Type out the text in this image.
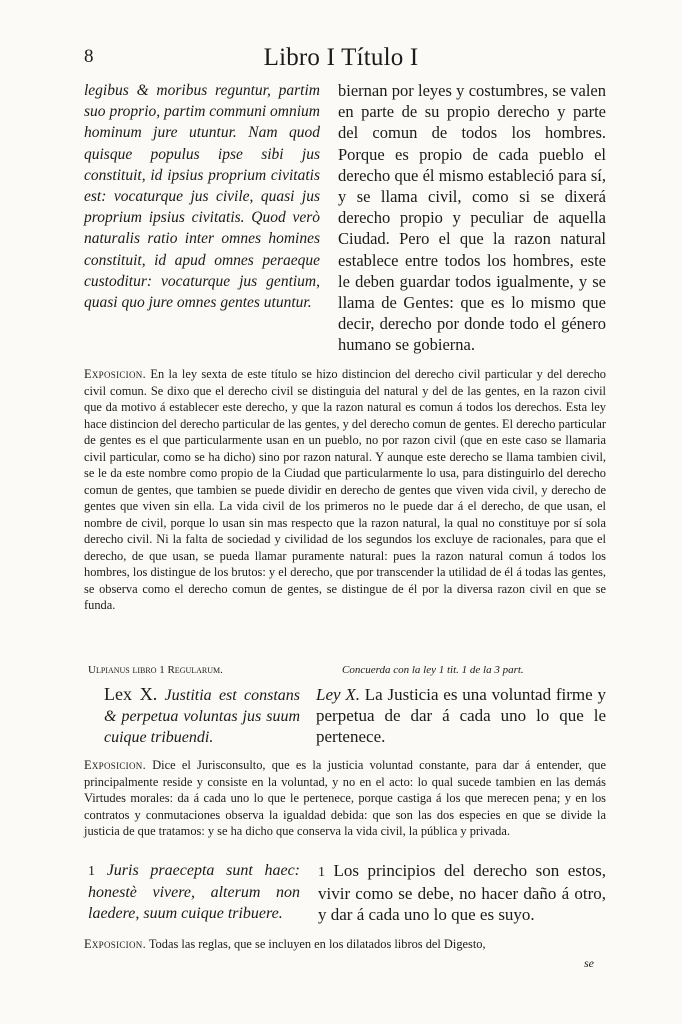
8	Libro I Título I

legibus & moribus reguntur, partim suo proprio, partim communi omnium hominum jure utuntur. Nam quod quisque populus ipse sibi jus constituit, id ipsius proprium civitatis est: vocaturque jus civile, quasi jus proprium ipsius civitatis. Quod verò naturalis ratio inter omnes homines constituit, id apud omnes peraeque custoditur: vocaturque jus gentium, quasi quo jure omnes gentes utuntur.

biernan por leyes y costumbres, se valen en parte de su propio derecho y parte del comun de todos los hombres. Porque es propio de cada pueblo el derecho que él mismo estableció para sí, y se llama civil, como si se dixerá derecho propio y peculiar de aquella Ciudad. Pero el que la razon natural establece entre todos los hombres, este le deben guardar todos igualmente, y se llama de Gentes: que es lo mismo que decir, derecho por donde todo el género humano se gobierna.

Exposicion. En la ley sexta de este título se hizo distincion del derecho civil particular y del derecho civil comun. Se dixo que el derecho civil se distinguia del natural y del de las gentes, en la razon civil que da motivo á establecer este derecho, y que la razon natural es comun á todos los derechos. Esta ley hace distincion del derecho particular de las gentes, y del derecho comun de gentes. El derecho particular de gentes es el que particularmente usan en un pueblo, no por razon civil (que en este caso se llamaria civil particular, como se ha dicho) sino por razon natural. Y aunque este derecho se llama tambien civil, se le da este nombre como propio de la Ciudad que particularmente lo usa, para distinguirlo del derecho comun de gentes, que tambien se puede dividir en derecho de gentes que viven vida civil, y derecho de gentes que viven sin ella. La vida civil de los primeros no le puede dar á el derecho, de que usan, el nombre de civil, porque lo usan sin mas respecto que la razon natural, la qual no constituye por sí sola derecho civil. Ni la falta de sociedad y civilidad de los segundos los excluye de racionales, para que el derecho, de que usan, se pueda llamar puramente natural: pues la razon natural comun á todos los hombres, los distingue de los brutos: y el derecho, que por transcender la utilidad de él á todas las gentes, se observa como el derecho comun de gentes, se distingue de él por la diversa razon civil en que se funda.

Ulpianus libro 1 Regularum.	Concuerda con la ley 1 tit. 1 de la 3 part.

Lex X. Justitia est constans & perpetua voluntas jus suum cuique tribuendi.

Ley X. La Justicia es una voluntad firme y perpetua de dar á cada uno lo que le pertenece.

Exposicion. Dice el Jurisconsulto, que es la justicia voluntad constante, para dar á entender, que principalmente reside y consiste en la voluntad, y no en el acto: lo qual sucede tambien en las demás Virtudes morales: da á cada uno lo que le pertenece, porque castiga á los que merecen pena; y en los contratos y conmutaciones observa la igualdad debida: que son las dos especies en que se divide la justicia de que tratamos: y se ha dicho que conserva la vida civil, la pública y privada.

1 Juris praecepta sunt haec: honestè vivere, alterum non laedere, suum cuique tribuere.

1 Los principios del derecho son estos, vivir como se debe, no hacer daño á otro, y dar á cada uno lo que es suyo.

Exposicion. Todas las reglas, que se incluyen en los dilatados libros del Digesto,

se
